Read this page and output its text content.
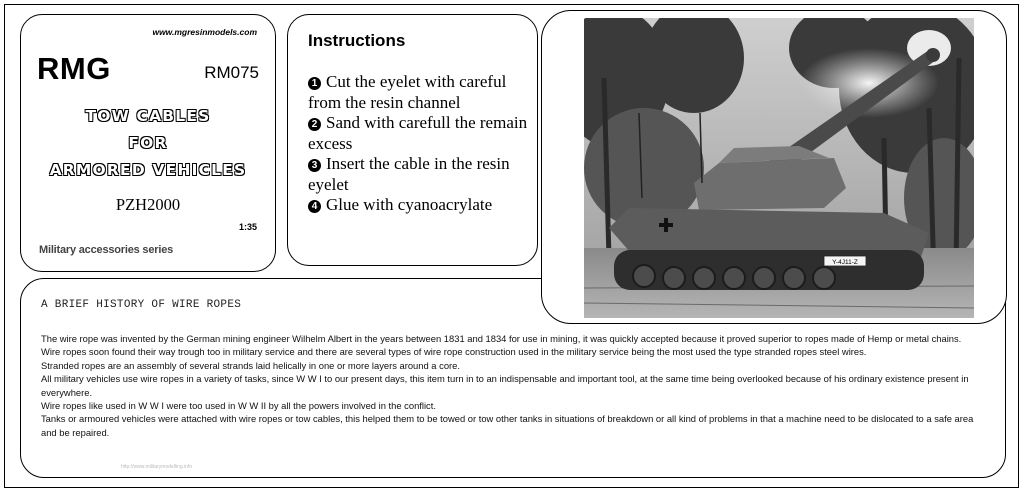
www.mgresinmodels.com
RMG	RM075
TOW CABLES
FOR
ARMORED VEHICLES
PZH2000
1:35
Military accessories series
Instructions
1 Cut the eyelet with careful from the resin channel
2 Sand with carefull the remain excess
3 Insert the cable in the resin eyelet
4 Glue with cyanoacrylate
A BRIEF HISTORY OF WIRE ROPES

The wire rope was invented by the German mining engineer Wilhelm Albert in the years between 1831 and 1834 for use in mining, it was quickly accepted because it proved superior to ropes made of Hemp or metal chains.

Wire ropes soon found their way trough too in military service and there are several types of wire rope construction used in the military service being the most used the type stranded ropes steel wires.

Stranded ropes are an assembly of several strands laid helically in one or more layers around a core.

All military vehicles use wire ropes in a variety of tasks, since W W I to our present days, this item turn in to an indispensable and important tool, at the same time being overlooked because of his ordinary existence present in everywhere.

Wire ropes like used in W W I were too used in W W II by all the powers involved in the conflict.

Tanks or armoured vehicles were attached with wire ropes or tow cables, this helped them to be towed or tow other tanks in situations of breakdown or all kind of problems in that a machine need to be dislocated to a safe area and be repaired.

http://www.militarymodelling.info
Y-4J11-Z
